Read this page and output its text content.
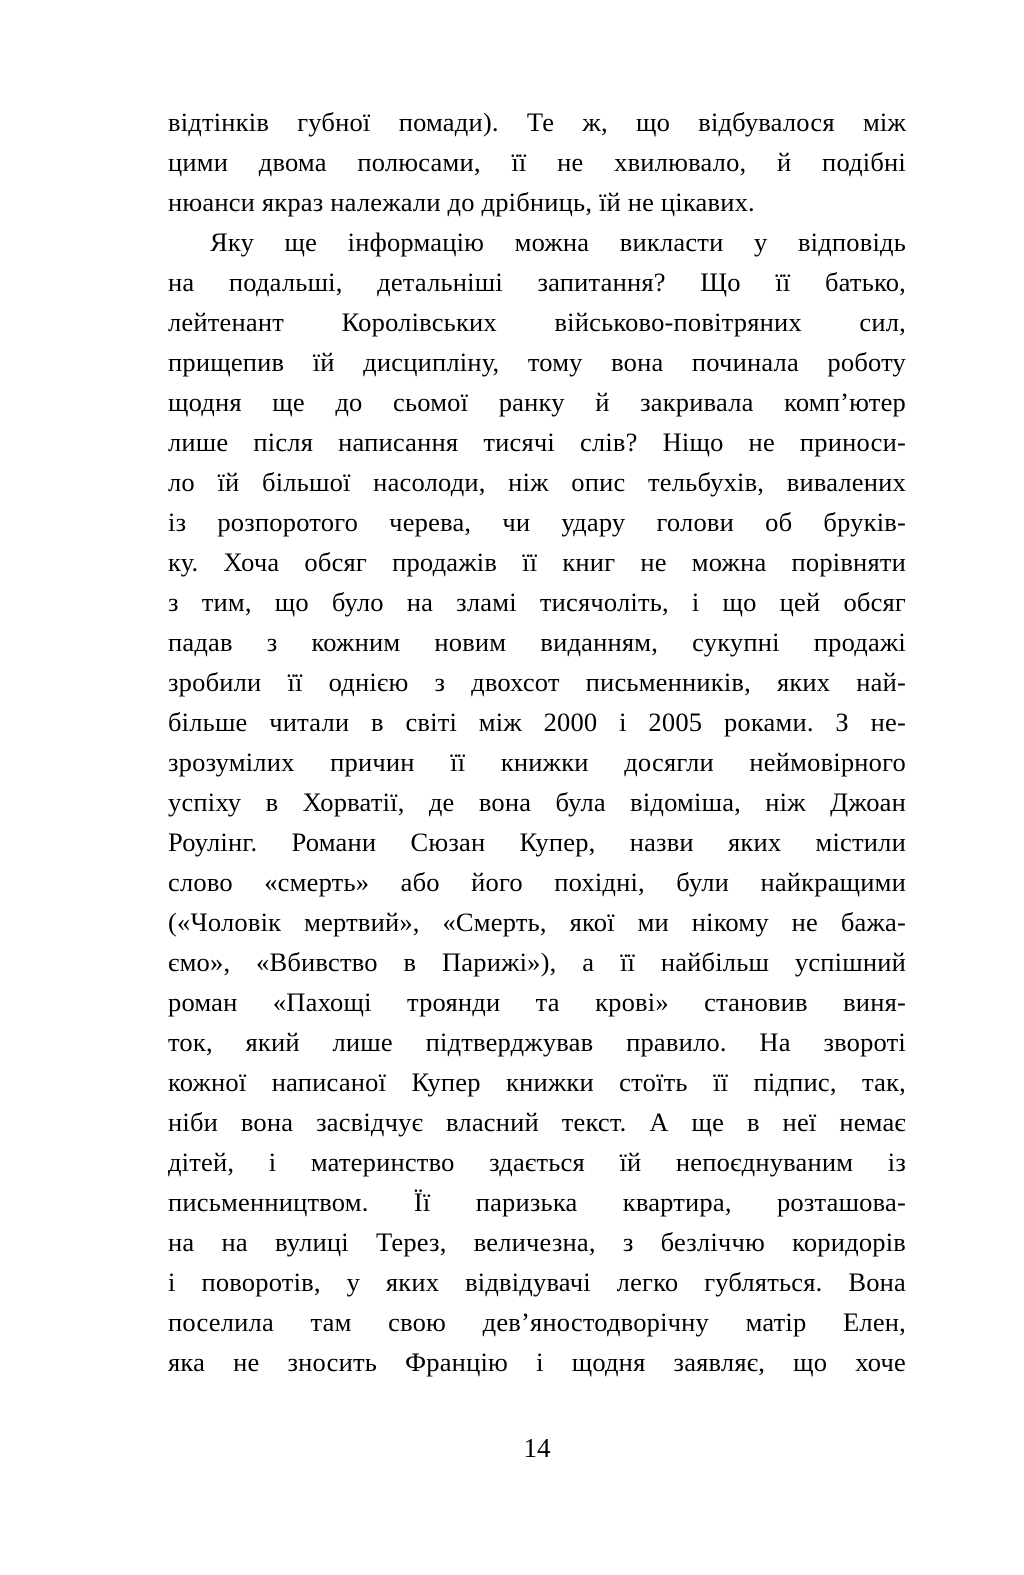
відтінків губної помади). Те ж, що відбувалося між
цими двома полюсами, її не хвилювало, й подібні
нюанси якраз належали до дрібниць, їй не цікавих.
Яку ще інформацію можна викласти у відповідь
на подальші, детальніші запитання? Що її батько,
лейтенант Королівських військово-повітряних сил,
прищепив їй дисципліну, тому вона починала роботу
щодня ще до сьомої ранку й закривала комп’ютер
лише після написання тисячі слів? Ніщо не приноси-
ло їй більшої насолоди, ніж опис тельбухів, вивалених
із розпоротого черева, чи удару голови об бруків-
ку. Хоча обсяг продажів її книг не можна порівняти
з тим, що було на зламі тисячоліть, і що цей обсяг
падав з кожним новим виданням, сукупні продажі
зробили її однією з двохсот письменників, яких най-
більше читали в світі між 2000 і 2005 роками. З не-
зрозумілих причин її книжки досягли неймовірного
успіху в Хорватії, де вона була відоміша, ніж Джоан
Роулінг. Романи Сюзан Купер, назви яких містили
слово «смерть» або його похідні, були найкращими
(«Чоловік мертвий», «Смерть, якої ми нікому не бажа-
ємо», «Вбивство в Парижі»), а її найбільш успішний
роман «Пахощі троянди та крові» становив виня-
ток, який лише підтверджував правило. На звороті
кожної написаної Купер книжки стоїть її підпис, так,
ніби вона засвідчує власний текст. А ще в неї немає
дітей, і материнство здається їй непоєднуваним із
письменництвом. Її паризька квартира, розташова-
на на вулиці Терез, величезна, з безліччю коридорів
і поворотів, у яких відвідувачі легко губляться. Вона
поселила там свою дев’яностодворічну матір Елен,
яка не зносить Францію і щодня заявляє, що хоче
14
